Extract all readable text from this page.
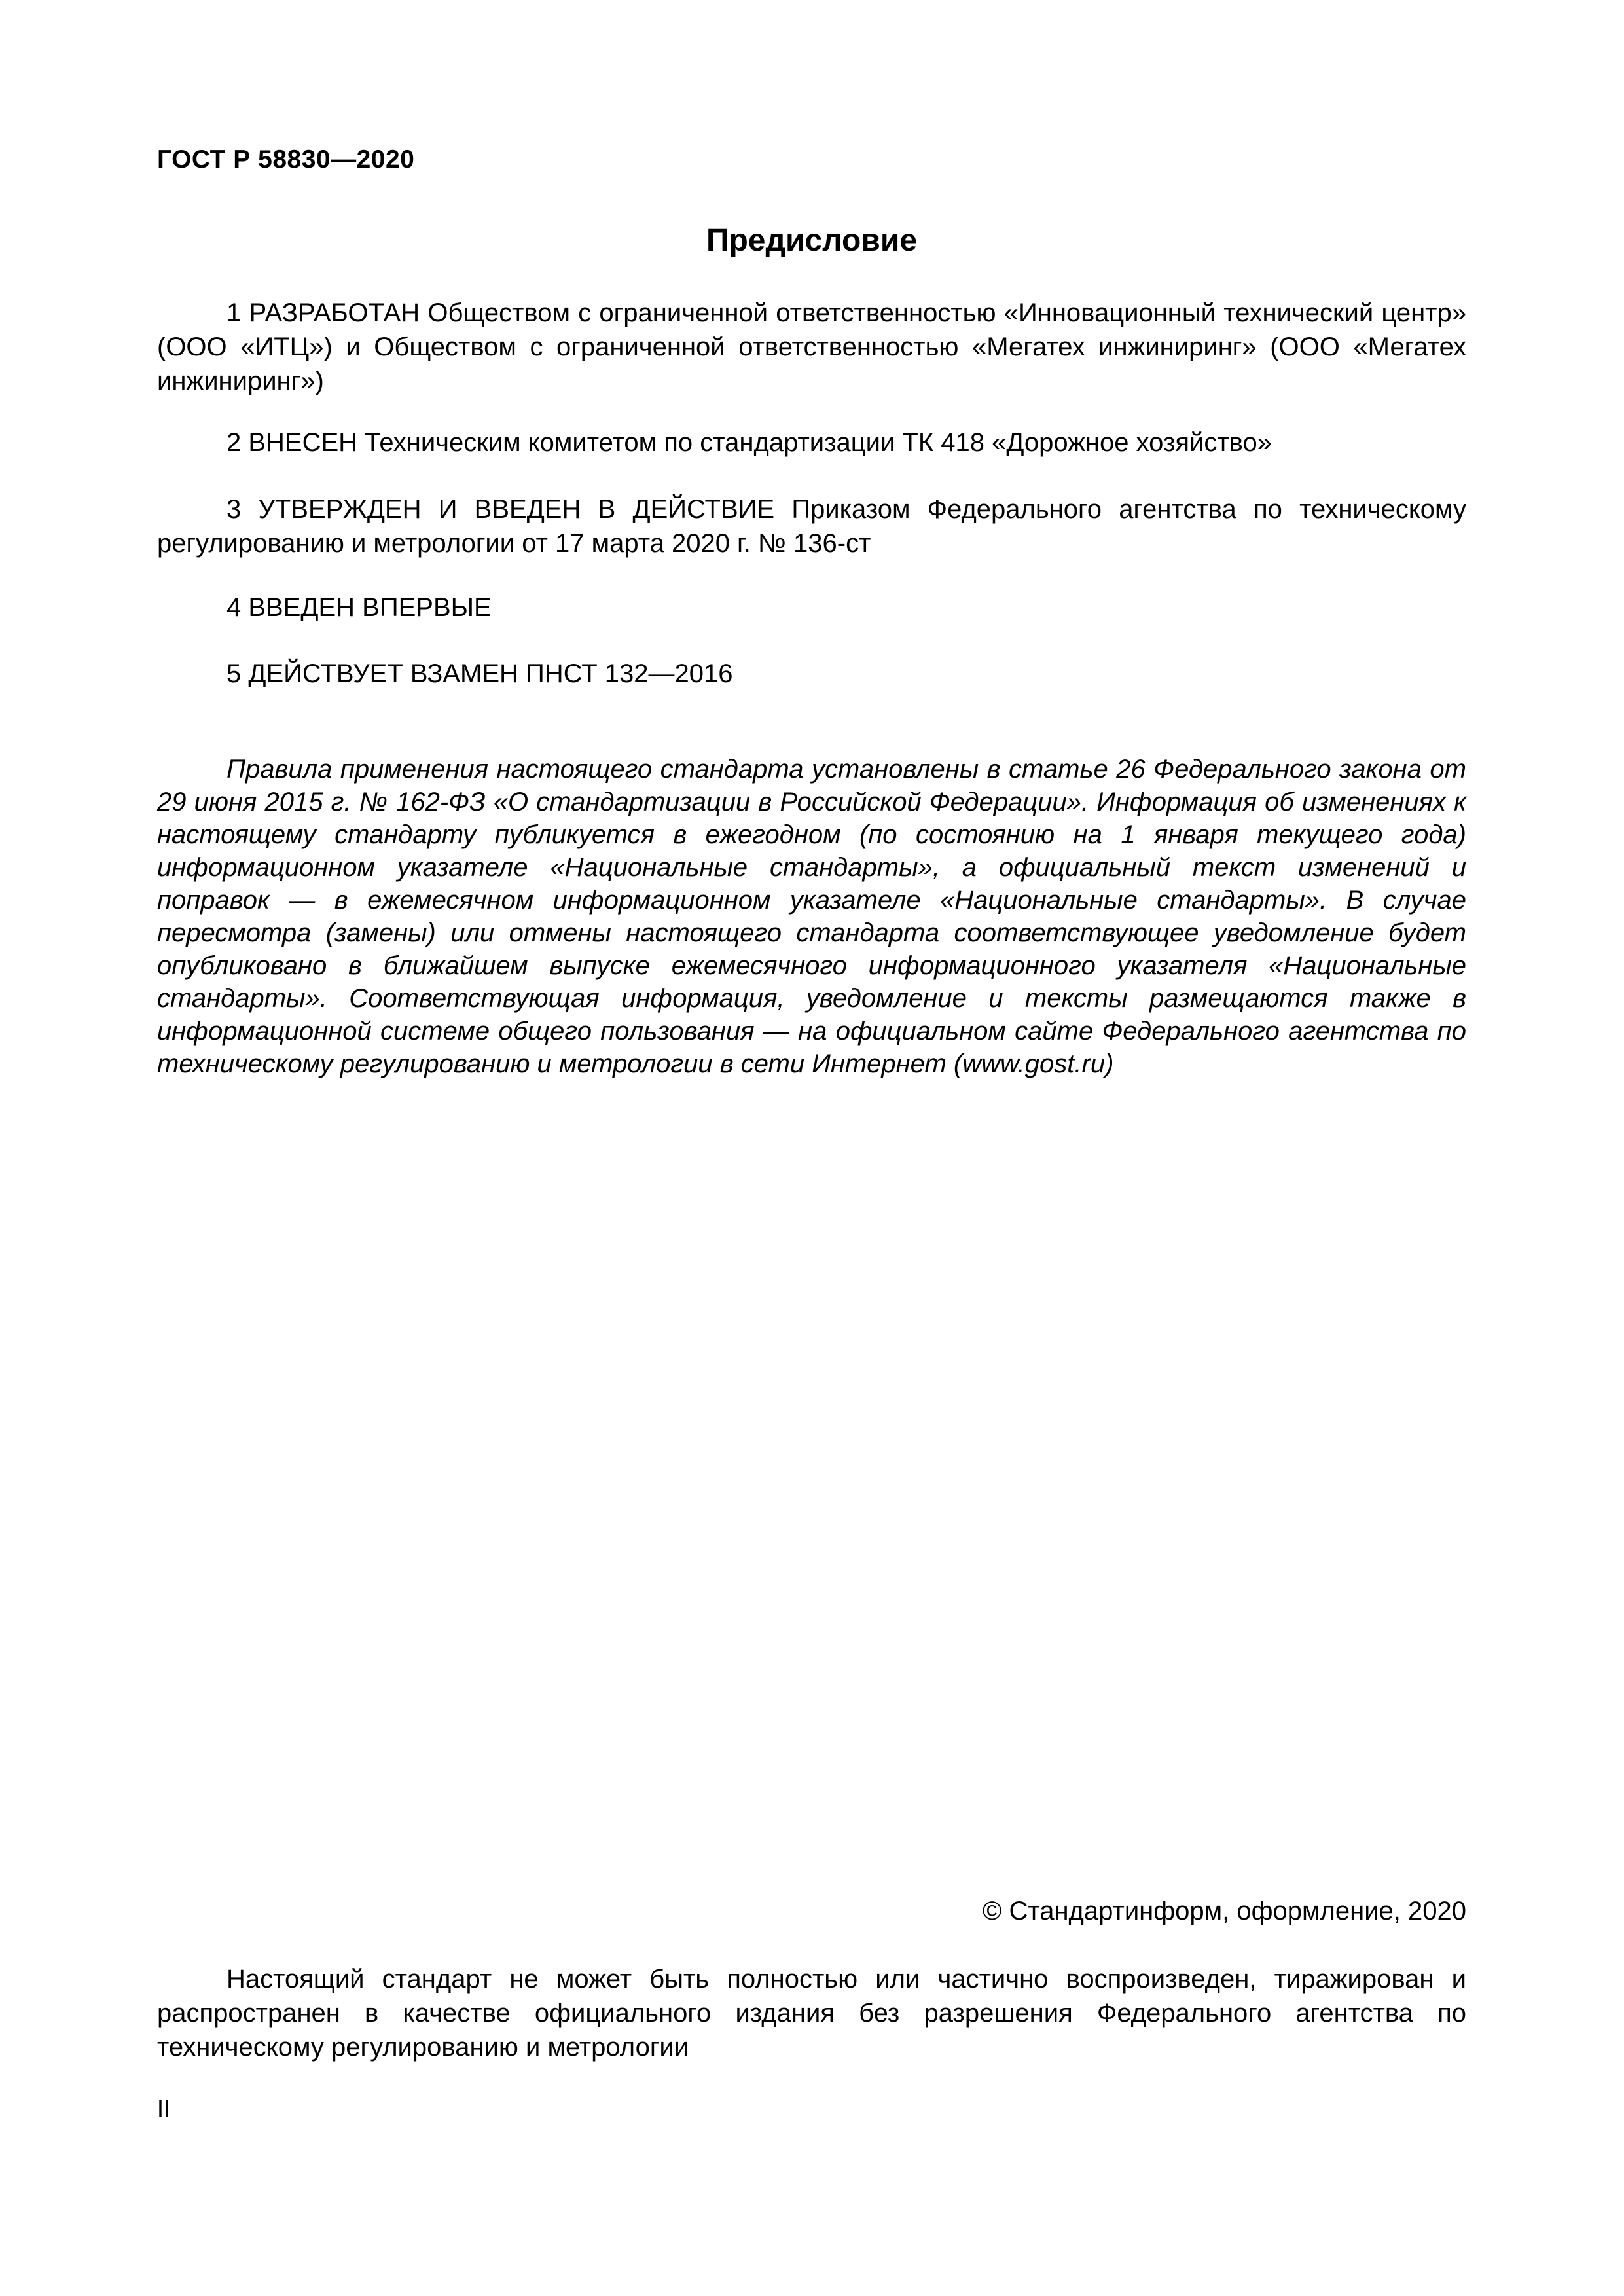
ГОСТ Р 58830—2020
Предисловие
1 РАЗРАБОТАН Обществом с ограниченной ответственностью «Инновационный технический центр» (ООО «ИТЦ») и Обществом с ограниченной ответственностью «Мегатех инжиниринг» (ООО «Мегатех инжиниринг»)
2 ВНЕСЕН Техническим комитетом по стандартизации ТК 418 «Дорожное хозяйство»
3 УТВЕРЖДЕН И ВВЕДЕН В ДЕЙСТВИЕ Приказом Федерального агентства по техническому регулированию и метрологии от 17 марта 2020 г. № 136-ст
4 ВВЕДЕН ВПЕРВЫЕ
5 ДЕЙСТВУЕТ ВЗАМЕН ПНСТ 132—2016
Правила применения настоящего стандарта установлены в статье 26 Федерального закона от 29 июня 2015 г. № 162-ФЗ «О стандартизации в Российской Федерации». Информация об изменениях к настоящему стандарту публикуется в ежегодном (по состоянию на 1 января текущего года) информационном указателе «Национальные стандарты», а официальный текст изменений и поправок — в ежемесячном информационном указателе «Национальные стандарты». В случае пересмотра (замены) или отмены настоящего стандарта соответствующее уведомление будет опубликовано в ближайшем выпуске ежемесячного информационного указателя «Национальные стандарты». Соответствующая информация, уведомление и тексты размещаются также в информационной системе общего пользования — на официальном сайте Федерального агентства по техническому регулированию и метрологии в сети Интернет (www.gost.ru)
© Стандартинформ, оформление, 2020
Настоящий стандарт не может быть полностью или частично воспроизведен, тиражирован и распространен в качестве официального издания без разрешения Федерального агентства по техническому регулированию и метрологии
II
